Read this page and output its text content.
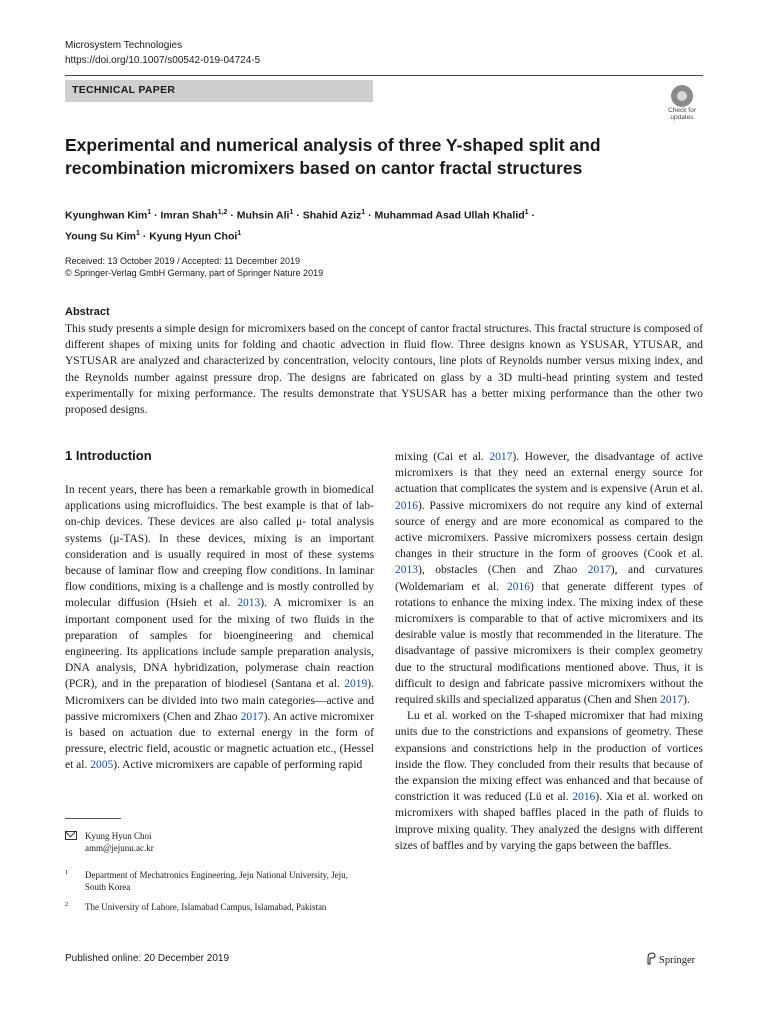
Microsystem Technologies
https://doi.org/10.1007/s00542-019-04724-5
TECHNICAL PAPER
Check for
updates
Experimental and numerical analysis of three Y-shaped split and recombination micromixers based on cantor fractal structures
Kyunghwan Kim$^1$ · Imran Shah$^{1,2}$ · Muhsin Ali$^1$ · Shahid Aziz$^1$ · Muhammad Asad Ullah Khalid$^1$ ·
Young Su Kim$^1$ · Kyung Hyun Choi$^1$
Received: 13 October 2019 / Accepted: 11 December 2019
© Springer-Verlag GmbH Germany, part of Springer Nature 2019
Abstract
This study presents a simple design for micromixers based on the concept of cantor fractal structures. This fractal structure is composed of different shapes of mixing units for folding and chaotic advection in fluid flow. Three designs known as YSUSAR, YTUSAR, and YSTUSAR are analyzed and characterized by concentration, velocity contours, line plots of Reynolds number versus mixing index, and the Reynolds number against pressure drop. The designs are fabricated on glass by a 3D multi-head printing system and tested experimentally for mixing performance. The results demonstrate that YSUSAR has a better mixing performance than the other two proposed designs.
1 Introduction
In recent years, there has been a remarkable growth in biomedical applications using microfluidics. The best example is that of lab-on-chip devices. These devices are also called μ- total analysis systems (μ-TAS). In these devices, mixing is an important consideration and is usually required in most of these systems because of laminar flow and creeping flow conditions. In laminar flow conditions, mixing is a challenge and is mostly controlled by molecular diffusion (Hsieh et al. 2013). A micromixer is an important component used for the mixing of two fluids in the preparation of samples for bioengineering and chemical engineering. Its applications include sample preparation analysis, DNA analysis, DNA hybridization, polymerase chain reaction (PCR), and in the preparation of biodiesel (Santana et al. 2019). Micromixers can be divided into two main categories—active and passive micromixers (Chen and Zhao 2017). An active micromixer is based on actuation due to external energy in the form of pressure, electric field, acoustic or magnetic actuation etc., (Hessel et al. 2005). Active micromixers are capable of performing rapid

mixing (Cai et al. 2017). However, the disadvantage of active micromixers is that they need an external energy source for actuation that complicates the system and is expensive (Arun et al. 2016). Passive micromixers do not require any kind of external source of energy and are more economical as compared to the active micromixers. Passive micromixers possess certain design changes in their structure in the form of grooves (Cook et al. 2013), obstacles (Chen and Zhao 2017), and curvatures (Woldemariam et al. 2016) that generate different types of rotations to enhance the mixing index. The mixing index of these micromixers is comparable to that of active micromixers and its desirable value is mostly that recommended in the literature. The disadvantage of passive micromixers is their complex geometry due to the structural modifications mentioned above. Thus, it is difficult to design and fabricate passive micromixers without the required skills and specialized apparatus (Chen and Shen 2017).

Lu et al. worked on the T-shaped micromixer that had mixing units due to the constrictions and expansions of geometry. These expansions and constrictions help in the production of vortices inside the flow. They concluded from their results that because of the expansion the mixing effect was enhanced and that because of constriction it was reduced (Lü et al. 2016). Xia et al. worked on micromixers with shaped baffles placed in the path of fluids to improve mixing quality. They analyzed the designs with different sizes of baffles and by varying the gaps between the baffles.

Kyung Hyun Choi
amm@jejunu.ac.kr
1 Department of Mechatronics Engineering, Jeju National University, Jeju, South Korea
2 The University of Lahore, Islamabad Campus, Islamabad, Pakistan
Published online: 20 December 2019	Springer
